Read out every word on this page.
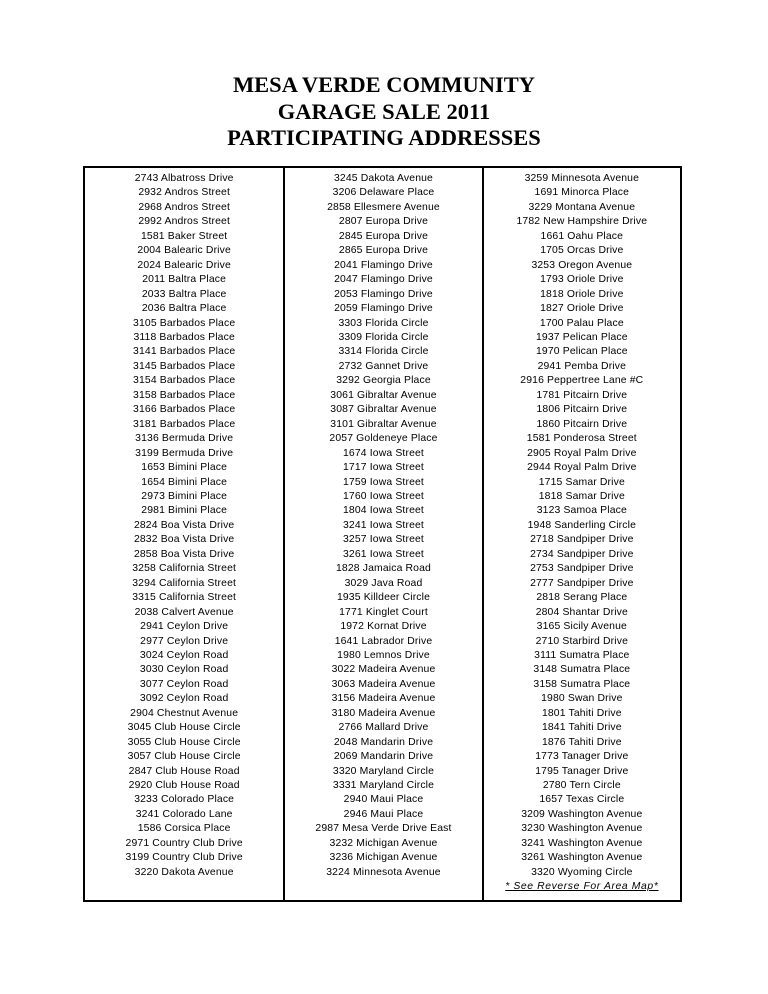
MESA VERDE COMMUNITY
GARAGE SALE 2011
PARTICIPATING ADDRESSES
2743 Albatross Drive
2932 Andros Street
2968 Andros Street
2992 Andros Street
1581 Baker Street
2004 Balearic Drive
2024 Balearic Drive
2011 Baltra Place
2033 Baltra Place
2036 Baltra Place
3105 Barbados Place
3118 Barbados Place
3141 Barbados Place
3145 Barbados Place
3154 Barbados Place
3158 Barbados Place
3166 Barbados Place
3181 Barbados Place
3136 Bermuda Drive
3199 Bermuda Drive
1653 Bimini Place
1654 Bimini Place
2973 Bimini Place
2981 Bimini Place
2824 Boa Vista Drive
2832 Boa Vista Drive
2858 Boa Vista Drive
3258 California Street
3294 California Street
3315 California Street
2038 Calvert Avenue
2941 Ceylon Drive
2977 Ceylon Drive
3024 Ceylon Road
3030 Ceylon Road
3077 Ceylon Road
3092 Ceylon Road
2904 Chestnut Avenue
3045 Club House Circle
3055 Club House Circle
3057 Club House Circle
2847 Club House Road
2920 Club House Road
3233 Colorado Place
3241 Colorado Lane
1586 Corsica Place
2971 Country Club Drive
3199 Country Club Drive
3220 Dakota Avenue
3245 Dakota Avenue
3206 Delaware Place
2858 Ellesmere Avenue
2807 Europa Drive
2845 Europa Drive
2865 Europa Drive
2041 Flamingo Drive
2047 Flamingo Drive
2053 Flamingo Drive
2059 Flamingo Drive
3303 Florida Circle
3309 Florida Circle
3314 Florida Circle
2732 Gannet Drive
3292 Georgia Place
3061 Gibraltar Avenue
3087 Gibraltar Avenue
3101 Gibraltar Avenue
2057 Goldeneye Place
1674 Iowa Street
1717 Iowa Street
1759 Iowa Street
1760 Iowa Street
1804 Iowa Street
3241 Iowa Street
3257 Iowa Street
3261 Iowa Street
1828 Jamaica Road
3029 Java Road
1935 Killdeer Circle
1771 Kinglet Court
1972 Kornat Drive
1641 Labrador Drive
1980 Lemnos Drive
3022 Madeira Avenue
3063 Madeira Avenue
3156 Madeira Avenue
3180 Madeira Avenue
2766 Mallard Drive
2048 Mandarin Drive
2069 Mandarin Drive
3320 Maryland Circle
3331 Maryland Circle
2940 Maui Place
2946 Maui Place
2987 Mesa Verde Drive East
3232 Michigan Avenue
3236 Michigan Avenue
3224 Minnesota Avenue
3259 Minnesota Avenue
1691 Minorca Place
3229 Montana Avenue
1782 New Hampshire Drive
1661 Oahu Place
1705 Orcas Drive
3253 Oregon Avenue
1793 Oriole Drive
1818 Oriole Drive
1827 Oriole Drive
1700 Palau Place
1937 Pelican Place
1970 Pelican Place
2941 Pemba Drive
2916 Peppertree Lane #C
1781 Pitcairn Drive
1806 Pitcairn Drive
1860 Pitcairn Drive
1581 Ponderosa Street
2905 Royal Palm Drive
2944 Royal Palm Drive
1715 Samar Drive
1818 Samar Drive
3123 Samoa Place
1948 Sanderling Circle
2718 Sandpiper Drive
2734 Sandpiper Drive
2753 Sandpiper Drive
2777 Sandpiper Drive
2818 Serang Place
2804 Shantar Drive
3165 Sicily Avenue
2710 Starbird Drive
3111 Sumatra Place
3148 Sumatra Place
3158 Sumatra Place
1980 Swan Drive
1801 Tahiti Drive
1841 Tahiti Drive
1876 Tahiti Drive
1773 Tanager Drive
1795 Tanager Drive
2780 Tern Circle
1657 Texas Circle
3209 Washington Avenue
3230 Washington Avenue
3241 Washington Avenue
3261 Washington Avenue
3320 Wyoming Circle
* See Reverse For Area Map*
